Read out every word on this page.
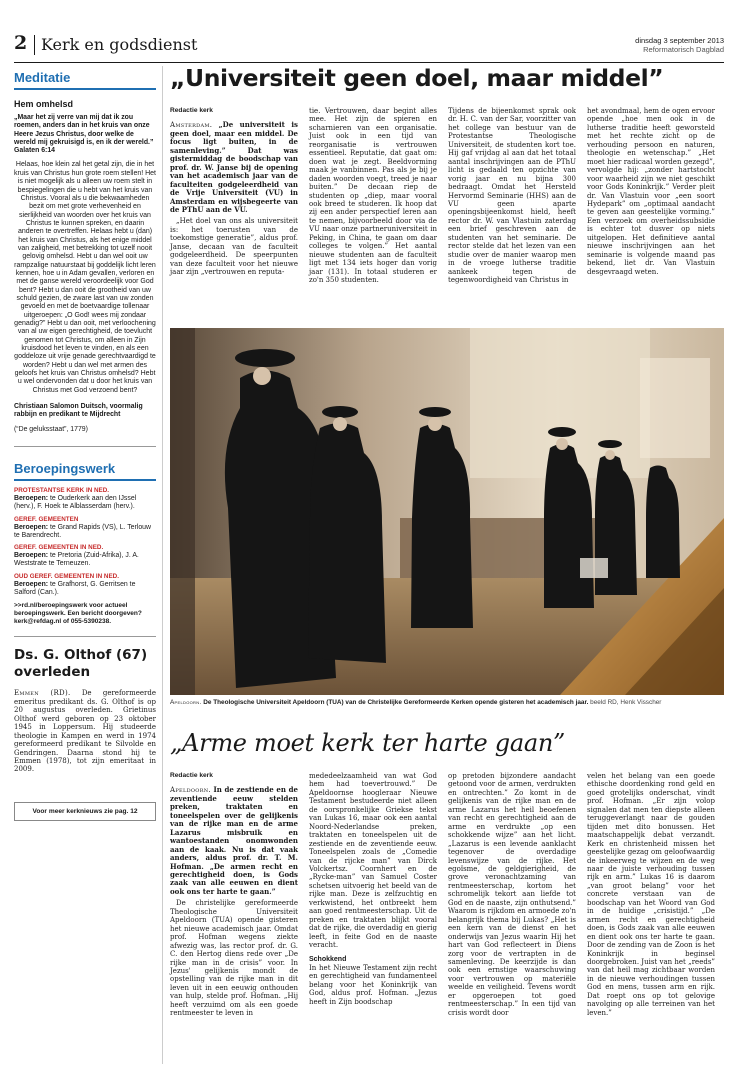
2 Kerk en godsdienst	dinsdag 3 september 2013
Reformatorisch Dagblad
Meditatie
Hem omhelsd
„Maar het zij verre van mij dat ik zou roemen, anders dan in het kruis van onze Heere Jezus Christus, door welke de wereld mij gekruisigd is, en ik der wereld.” Galaten 6:14
Helaas, hoe klein zal het getal zijn, die in het kruis van Christus hun grote roem stellen! Het is niet mogelijk als u alleen uw roem stelt in bespiegelingen die u hebt van het kruis van Christus. Vooral als u die bekwaamheden bezit om met grote verhevenheid en sierlijkheid van woorden over het kruis van Christus te kunnen spreken, en daarin anderen te overtreffen. Helaas hebt u (dan) het kruis van Christus, als het enige middel van zaligheid, met betrekking tot uzelf nooit gelovig omhelsd. Hebt u dan wel ooit uw rampzalige natuurstaat bij goddelijk licht leren kennen, hoe u in Adam gevallen, verloren en met de ganse wereld veroordeelijk voor God bent? Hebt u dan ooit de grootheid van uw schuld gezien, de zware last van uw zonden gevoeld en met de boetvaardige tollenaar uitgeroepen: „O God! wees mij zondaar genadig?” Hebt u dan ooit, met verloochening van al uw eigen gerechtigheid, de toevlucht genomen tot Christus, om alleen in Zijn kruisdood het leven te vinden, en als een goddeloze uit vrije genade gerechtvaardigd te worden? Hebt u dan wel met armen des geloofs het kruis van Christus omhelsd? Hebt u wel ondervonden dat u door het kruis van Christus met God verzoend bent?
Christiaan Salomon Duitsch, voormalig rabbijn en predikant te Mijdrecht
(“De geluksstaat”, 1779)
Beroepingswerk
PROTESTANTSE KERK IN NED.
Beroepen: te Ouderkerk aan den IJssel (herv.), F. Hoek te Alblasserdam (herv.).
GEREF. GEMEENTEN
Beroepen: te Grand Rapids (VS), L. Terlouw te Barendrecht.
GEREF. GEMEENTEN IN NED.
Beroepen: te Pretoria (Zuid-Afrika), J. A. Weststrate te Terneuzen.
OUD GEREF. GEMEENTEN IN NED.
Beroepen: te Grafhorst, G. Gerritsen te Salford (Can.).
>>rd.nl/beroepingswerk voor actueel beroepingswerk. Een bericht doorgeven? kerk@refdag.nl of 055-5390238.
Ds. G. Olthof (67) overleden
Emmen (RD). De gereformeerde emeritus predikant ds. G. Olthof is op 20 augustus overleden. Grietinus Olthof werd geboren op 23 oktober 1945 in Loppersum. Hij studeerde theologie in Kampen en werd in 1974 gereformeerd predikant te Silvolde en Gendringen. Daarna stond hij te Emmen (1978), tot zijn emeritaat in 2009.
Voor meer kerknieuws zie pag. 12
„Universiteit geen doel, maar middel”
Redactie kerk

Amsterdam. „De universiteit is geen doel, maar een middel. De focus ligt buiten, in de samenleving.” Dat was gistermiddag de boodschap van prof. dr. W. Janse bij de opening van het academisch jaar van de faculteiten godgeleerdheid van de Vrije Universiteit (VU) in Amsterdam en wijsbegeerte van de PThU aan de VU.

„Het doel van ons als universiteit is: het toerusten van de toekomstige generatie”, aldus prof. Janse, decaan van de faculteit godgeleerdheid. De speerpunten van deze faculteit voor het nieuwe jaar zijn „vertrouwen en reputa-

tie. Vertrouwen, daar begint alles mee. Het zijn de spieren en scharnieren van een organisatie. Juist ook in een tijd van reorganisatie is vertrouwen essentieel. Reputatie, dat gaat om: doen wat je zegt. Beeldvorming maak je vanbinnen. Pas als je bij je daden woorden voegt, treed je naar buiten.” De decaan riep de studenten op „diep, maar vooral ook breed te studeren. Ik hoop dat zij een ander perspectief leren aan te nemen, bijvoorbeeld door via de VU naar onze partneruniversiteit in Peking, in China, te gaan om daar colleges te volgen.” Het aantal nieuwe studenten aan de faculteit ligt met 134 iets hoger dan vorig jaar (131). In totaal studeren er zo'n 350 studenten.
Tijdens de bijeenkomst sprak ook dr. H. C. van der Sar, voorzitter van het college van bestuur van de Protestantse Theologische Universiteit, de studenten kort toe. Hij gaf vrijdag al aan dat het totaal aantal inschrijvingen aan de PThU licht is gedaald ten opzichte van vorig jaar en nu bijna 300 bedraagt. Omdat het Hersteld Hervormd Seminarie (HHS) aan de VU geen aparte openingsbijeenkomst hield, heeft rector dr. W. van Vlastuin zaterdag een brief geschreven aan de studenten van het seminarie. De rector stelde dat het lezen van een studie over de manier waarop men in de vroege lutherse traditie aankeek tegen de tegenwoordigheid van Christus in
het avondmaal, hem de ogen ervoor opende „hoe men ook in de lutherse traditie heeft geworsteld met het rechte zicht op de verhouding persoon en naturen, theologie en wetenschap.” „Het moet hier radicaal worden gezegd”, vervolgde hij: „zonder hartstocht voor waarheid zijn we niet geschikt voor Gods Koninkrijk.” Verder pleit dr. Van Vlastuin voor „een soort Hydepark” om „optimaal aandacht te geven aan geestelijke vorming.” Een verzoek om overheidssubsidie is echter tot dusver op niets uitgelopen. Het definitieve aantal nieuwe inschrijvingen aan het seminarie is volgende maand pas bekend, liet dr. Van Vlastuin desgevraagd weten.
Apeldoorn. De Theologische Universiteit Apeldoorn (TUA) van de Christelijke Gereformeerde Kerken opende gisteren het academisch jaar. beeld RD, Henk Visscher
„Arme moet kerk ter harte gaan”
Redactie kerk

Apeldoorn. In de zestiende en de zeventiende eeuw stelden preken, traktaten en toneelspelen over de gelijkenis van de rijke man en de arme Lazarus misbruik en wantoestanden onomwonden aan de kaak. Nu is dat vaak anders, aldus prof. dr. T. M. Hofman. „De armen recht en gerechtigheid doen, is Gods zaak van alle eeuwen en dient ook ons ter harte te gaan.”

De christelijke gereformeerde Theologische Universiteit Apeldoorn (TUA) opende gisteren het nieuwe academisch jaar. Omdat prof. Hofman wegens ziekte afwezig was, las rector prof. dr. G. C. den Hertog diens rede over „De rijke man in de crisis” voor. In Jezus' gelijkenis mondt de opstelling van de rijke man in dit leven uit in een eeuwig onthouden van hulp, stelde prof. Hofman. „Hij heeft verzuimd om als een goede rentmeester te leven in

mededeelzaamheid van wat God hem had toevertrouwd.” De Apeldoornse hoogleraar Nieuwe Testament bestudeerde niet alleen de oorspronkelijke Griekse tekst van Lukas 16, maar ook een aantal Noord-Nederlandse preken, traktaten en toneelspelen uit de zestiende en de zeventiende eeuw. Toneelspelen zoals de „Comedie van de rijcke man” van Dirck Volckertsz. Coornhert en de „Rycke-man” van Samuel Coster schetsen uitvoerig het beeld van de rijke man. Deze is zelfzuchtig en verkwistend, het ontbreekt hem aan goed rentmeesterschap. Uit de preken en traktaten blijkt vooral dat de rijke, die overdadig en gierig leeft, in feite God en de naaste veracht.

Schokkend

In het Nieuwe Testament zijn recht en gerechtigheid van fundamenteel belang voor het Koninkrijk van God, aldus prof. Hofman. „Jezus heeft in Zijn boodschap

op pretoden bijzondere aandacht getoond voor de armen, verdrukten en ontrechten.” Zo komt in de gelijkenis van de rijke man en de arme Lazarus het heil beoefenen van recht en gerechtigheid aan de arme en verdrukte „op een schokkende wijze” aan het licht. „Lazarus is een levende aanklacht tegenover de overdadige levenswijze van de rijke. Het egoïsme, de geldgierigheid, de grove veronachtzaming van rentmeesterschap, kortom het schromelijk tekort aan liefde tot God en de naaste, zijn onthutsend.” Waarom is rijkdom en armoede zo'n belangrijk thema bij Lukas? „Het is een kern van de dienst en het onderwijs van Jezus waarin Hij het hart van God reflecteert in Diens zorg voor de vertrapten in de samenleving. De keerzijde is dan ook een ernstige waarschuwing voor vertrouwen op materiële weelde en veiligheid. Tevens wordt er opgeroepen tot goed rentmeesterschap.” In een tijd van crisis wordt door
velen het belang van een goede ethische doordenking rond geld en goed grotelijks onderschat, vindt prof. Hofman. „Er zijn volop signalen dat men ten diepste alleen teruggeverlangt naar de gouden tijden met dito bonussen. Het maatschappelijk debat verzandt. Kerk en christenheid missen het geestelijke gezag om geloofwaardig de inkeerweg te wijzen en de weg naar de juiste verhouding tussen rijk en arm.” Lukas 16 is daarom „van groot belang” voor het concrete verstaan van de boodschap van het Woord van God in de huidige „crisistijd.” „De armen recht en gerechtigheid doen, is Gods zaak van alle eeuwen en dient ook ons ter harte te gaan. Door de zending van de Zoon is het Koninkrijk in beginsel doorgebroken. Juist van het „reeds” van dat heil mag zichtbaar worden in de nieuwe verhoudingen tussen God en mens, tussen arm en rijk. Dat roept ons op tot gelovige navolging op alle terreinen van het leven.”
